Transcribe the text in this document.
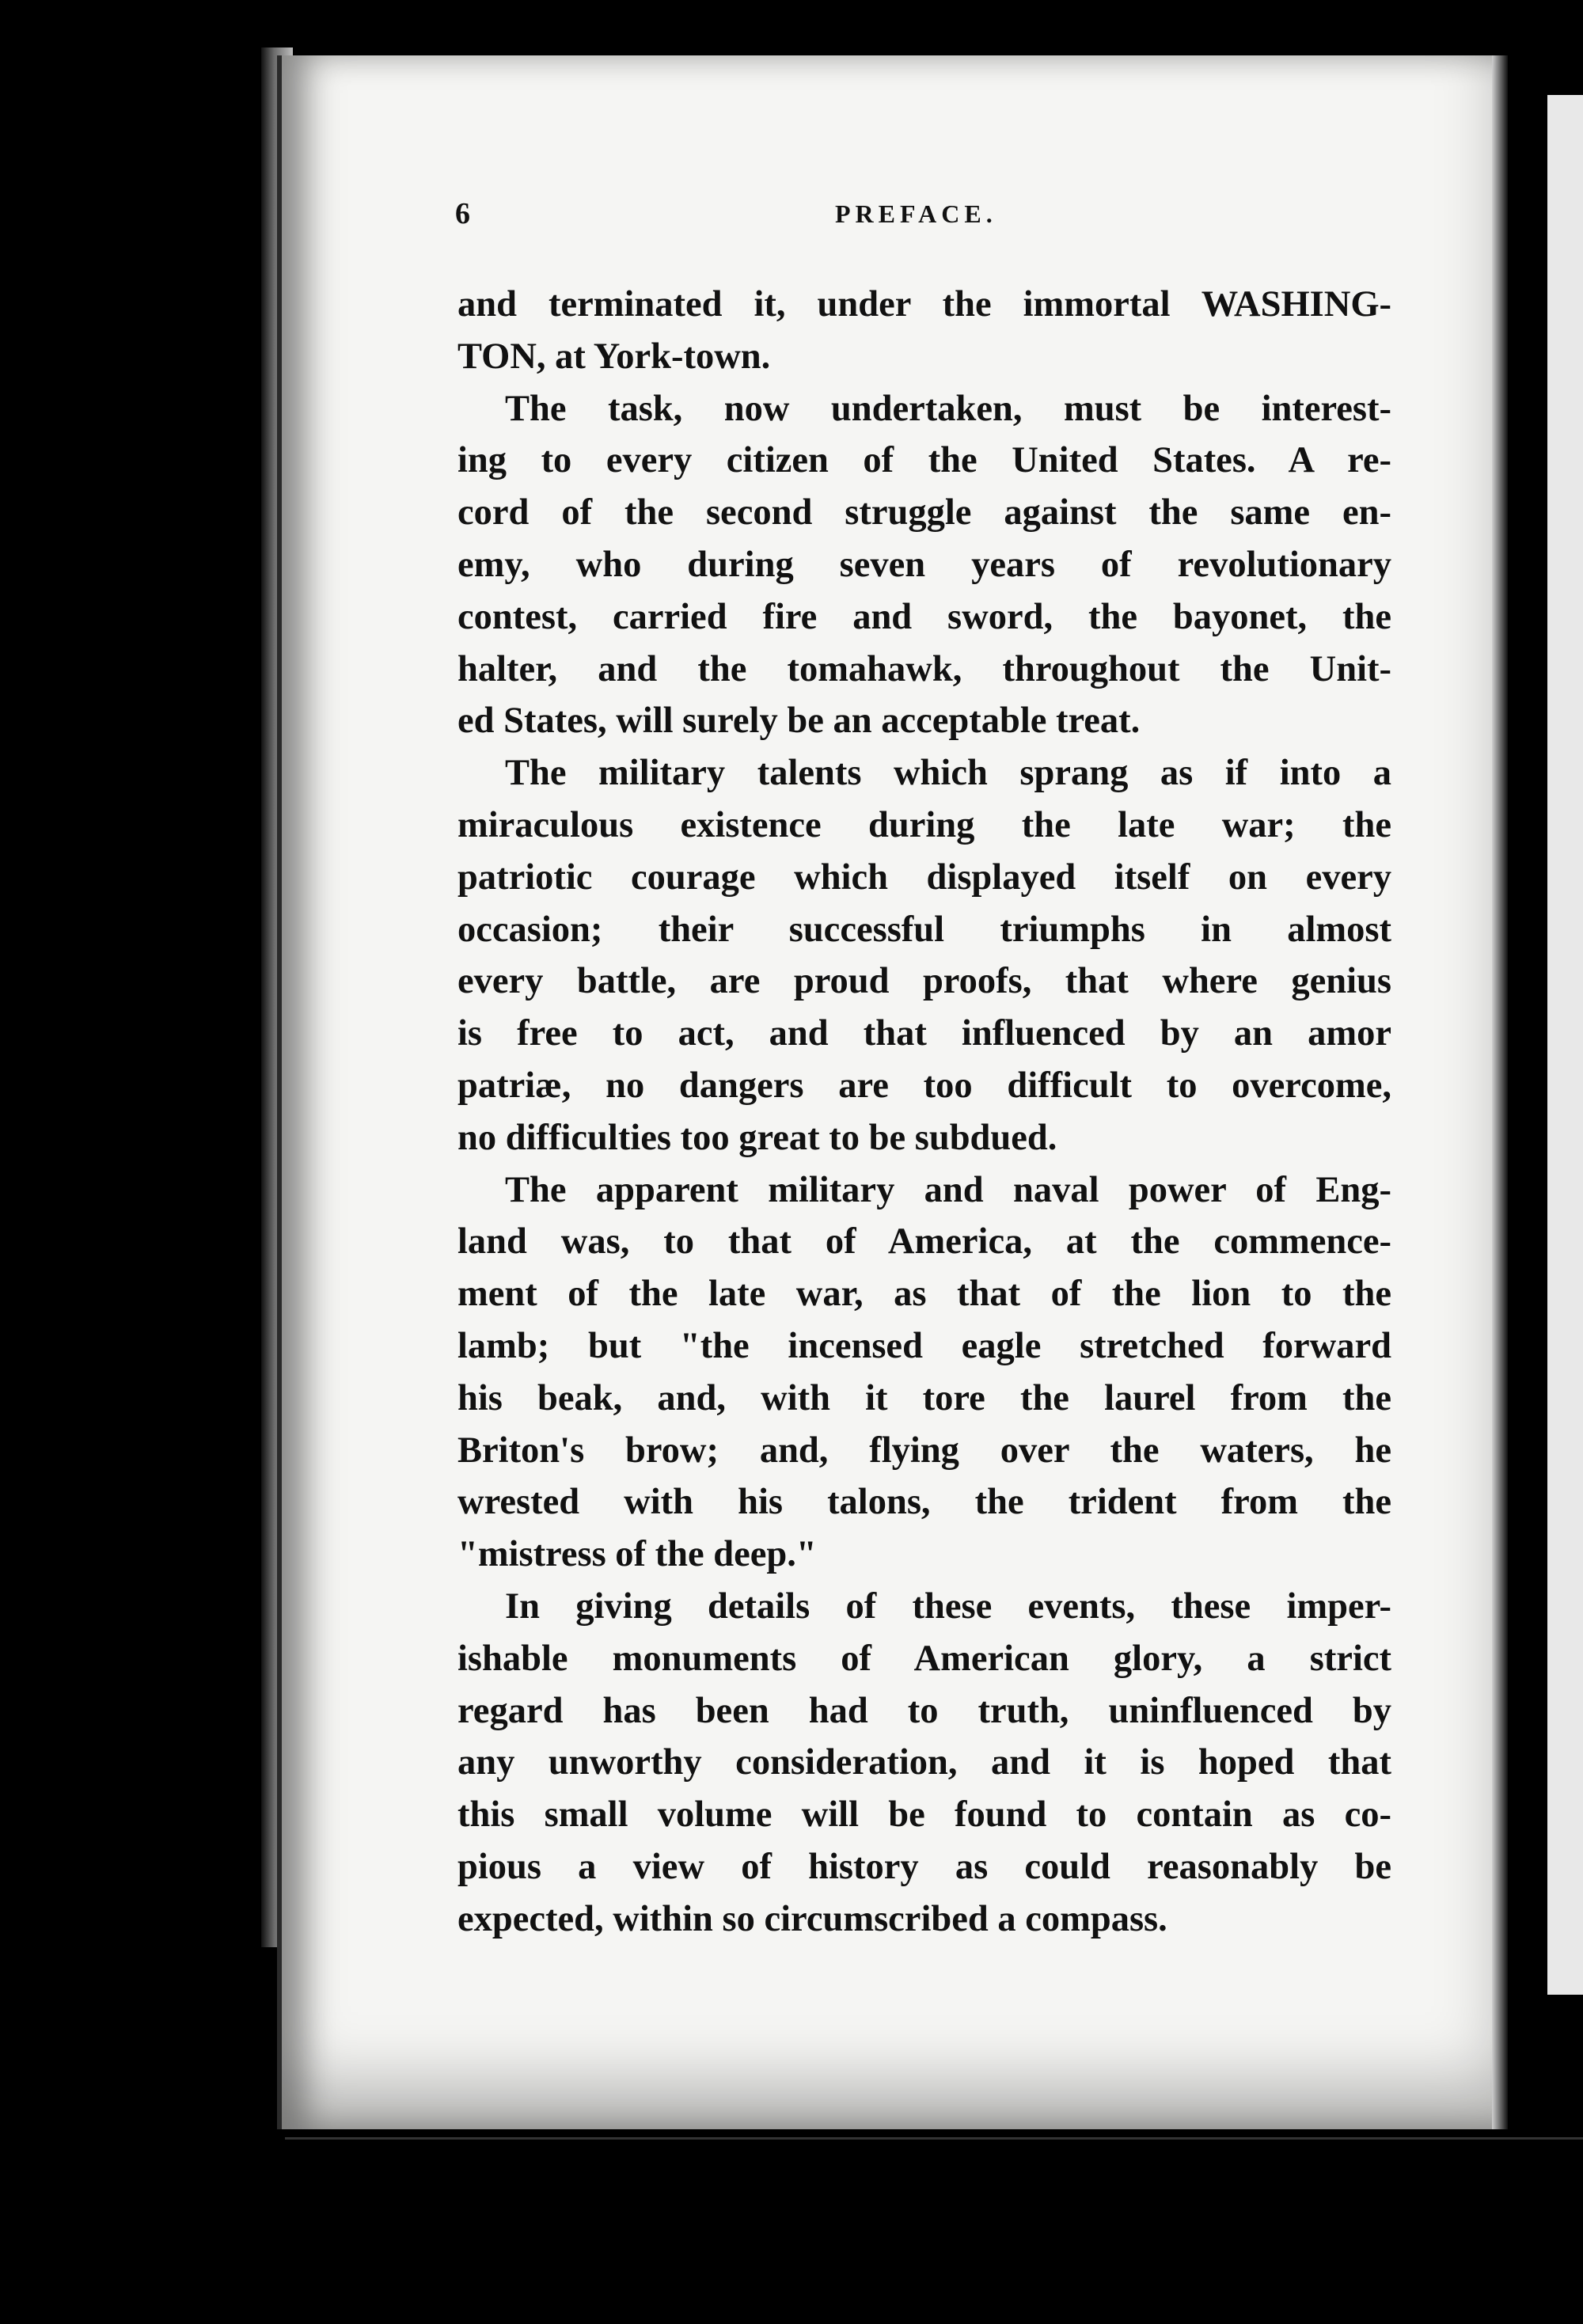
6	PREFACE.
and terminated it, under the immortal WASHING-
TON, at York-town.
The task, now undertaken, must be interest-
ing to every citizen of the United States. A re-
cord of the second struggle against the same en-
emy, who during seven years of revolutionary
contest, carried fire and sword, the bayonet, the
halter, and the tomahawk, throughout the Unit-
ed States, will surely be an acceptable treat.
The military talents which sprang as if into a
miraculous existence during the late war; the
patriotic courage which displayed itself on every
occasion; their successful triumphs in almost
every battle, are proud proofs, that where genius
is free to act, and that influenced by an amor
patriæ, no dangers are too difficult to overcome,
no difficulties too great to be subdued.
The apparent military and naval power of Eng-
land was, to that of America, at the commence-
ment of the late war, as that of the lion to the
lamb; but "the incensed eagle stretched forward
his beak, and, with it tore the laurel from the
Briton's brow; and, flying over the waters, he
wrested with his talons, the trident from the
"mistress of the deep."
In giving details of these events, these imper-
ishable monuments of American glory, a strict
regard has been had to truth, uninfluenced by
any unworthy consideration, and it is hoped that
this small volume will be found to contain as co-
pious a view of history as could reasonably be
expected, within so circumscribed a compass.
